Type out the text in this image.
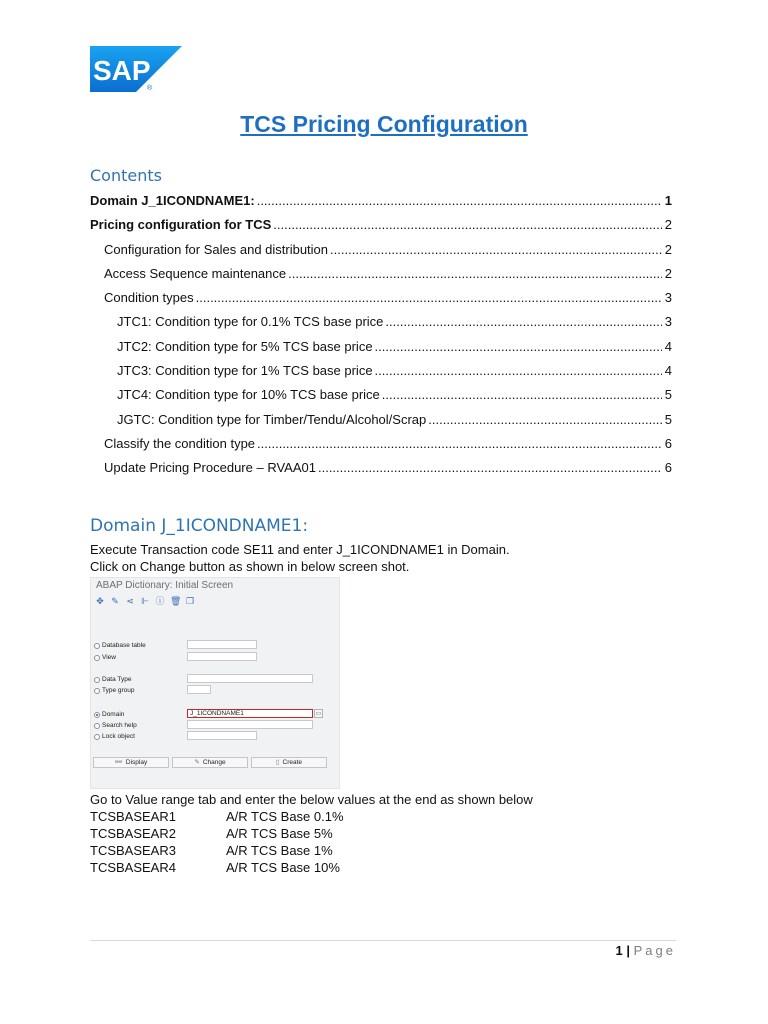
SAP
®
TCS Pricing Configuration
Contents
Domain J_1ICONDNAME1: .....	1
Pricing configuration for TCS .....	2
Configuration for Sales and distribution .....	2
Access Sequence maintenance .....	2
Condition types .....	3
JTC1: Condition type for 0.1% TCS base price .....	3
JTC2: Condition type for 5% TCS base price .....	4
JTC3: Condition type for 1% TCS base price .....	4
JTC4: Condition type for 10% TCS base price .....	5
JGTC: Condition type for Timber/Tendu/Alcohol/Scrap .....	5
Classify the condition type .....	6
Update Pricing Procedure – RVAA01 .....	6
Domain J_1ICONDNAME1:
Execute Transaction code SE11 and enter J_1ICONDNAME1 in Domain.
Click on Change button as shown in below screen shot.
ABAP Dictionary: Initial Screen
✥ ✎ ⋖ ⊩ ⓘ 🗑 ❐
Database table
View
Data Type
Type group
Domain	J_1ICONDNAME1	▭
Search help
Lock object
👓 Display	✎ Change	▯ Create
Go to Value range tab and enter the below values at the end as shown below
TCSBASEAR1	A/R TCS Base 0.1%
TCSBASEAR2	A/R TCS Base 5%
TCSBASEAR3	A/R TCS Base 1%
TCSBASEAR4	A/R TCS Base 10%
1 | Page
